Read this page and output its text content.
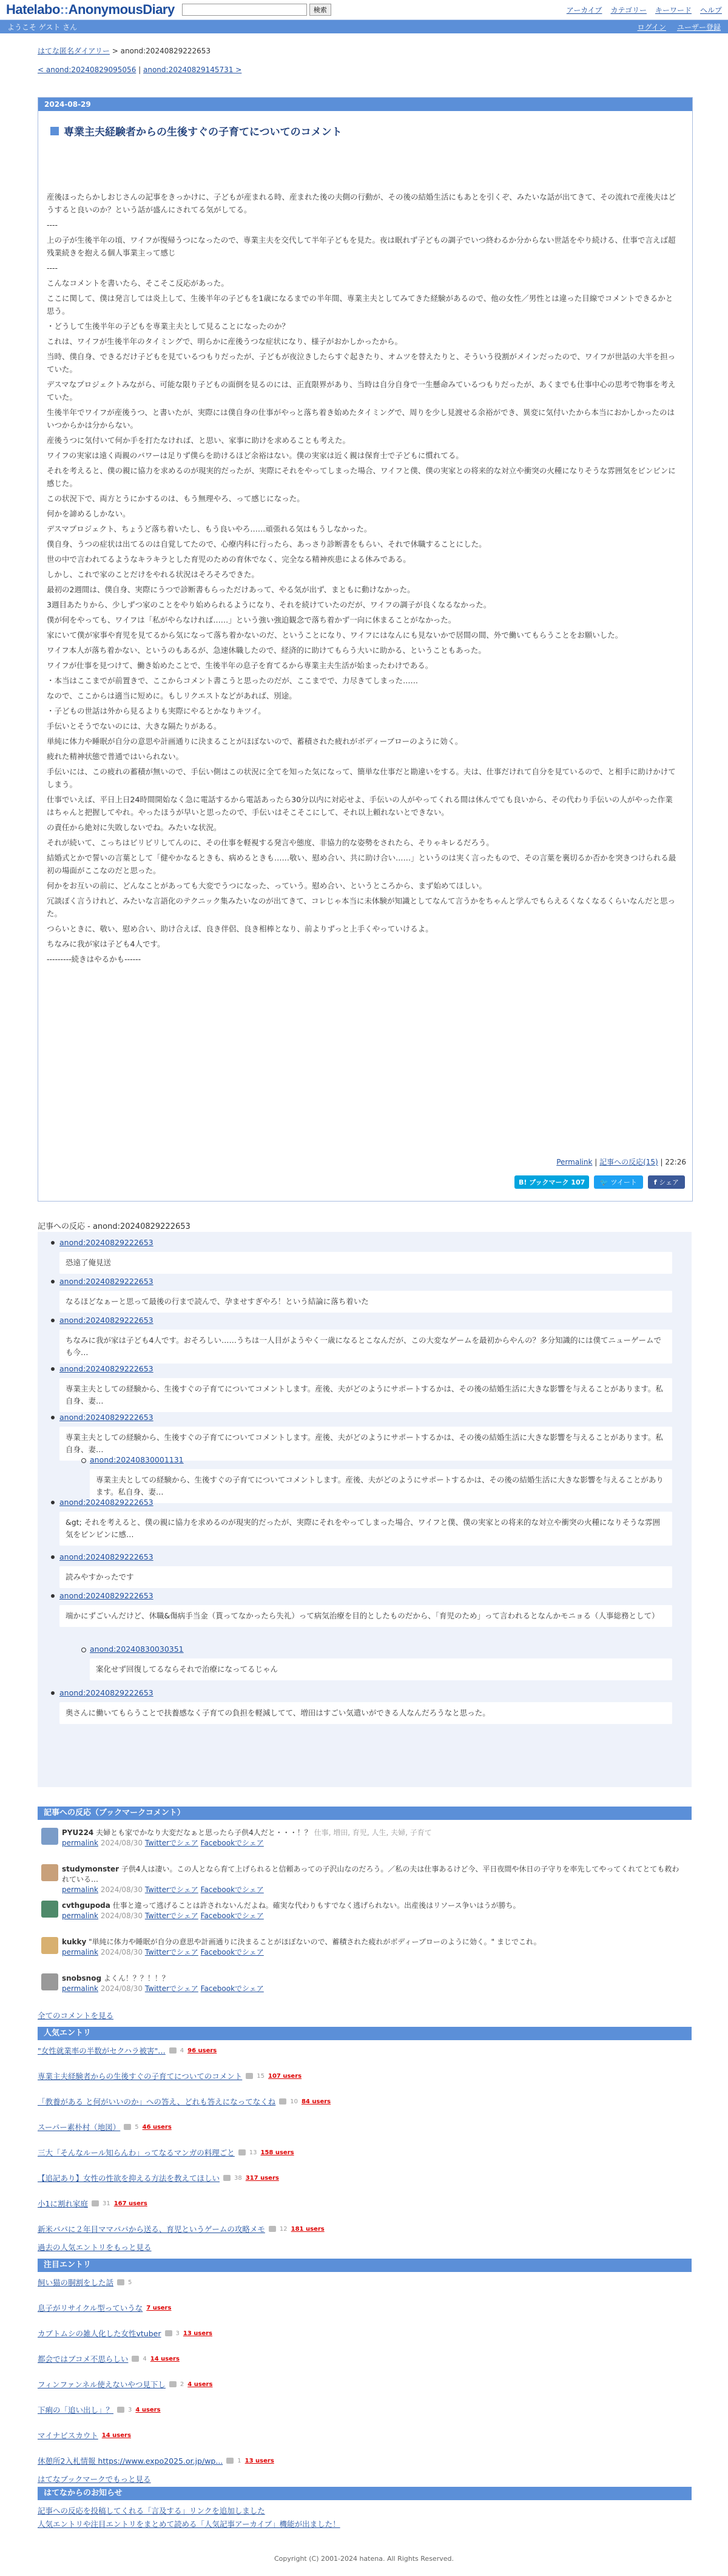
Hatelabo::AnonymousDiary	検索	アーカイブ カテゴリー キーワード ヘルプ
ようこそ ゲスト さん	ログイン ユーザー登録
はてな匿名ダイアリー > anond:20240829222653
< anond:20240829095056 | anond:20240829145731 >
2024-08-29
専業主夫経験者からの生後すぐの子育てについてのコメント

産後ほったらかしおじさんの記事をきっかけに、子どもが産まれる時、産まれた後の夫側の行動が、その後の結婚生活にもあとを引くぞ、みたいな話が出てきて、その流れで産後夫はどうすると良いのか？という話が盛んにされてる気がしてる。

----

上の子が生後半年の頃、ワイフが復帰うつになったので、専業主夫を交代して半年子どもを見た。夜は眠れず子どもの調子でいつ終わるか分からない世話をやり続ける、仕事で言えば超残業続きを抱える個人事業主って感じ

----

こんなコメントを書いたら、そこそこ反応があった。

ここに関して、僕は発言しては炎上して、生後半年の子どもを1歳になるまでの半年間、専業主夫としてみてきた経験があるので、他の女性／男性とは違った目線でコメントできるかと思う。

・どうして生後半年の子どもを専業主夫として見ることになったのか？

これは、ワイフが生後半年のタイミングで、明らかに産後うつな症状になり、様子がおかしかったから。

当時、僕自身、できるだけ子どもを見ているつもりだったが、子どもが夜泣きしたらすぐ起きたり、オムツを替えたりと、そういう役割がメインだったので、ワイフが世話の大半を担っていた。

デスマなプロジェクトみながら、可能な限り子どもの面倒を見るのには、正直限界があり、当時は自分自身で一生懸命みているつもりだったが、あくまでも仕事中心の思考で物事を考えていた。

生後半年でワイフが産後うつ、と書いたが、実際には僕自身の仕事がやっと落ち着き始めたタイミングで、周りを少し見渡せる余裕ができ、異変に気付いたから本当におかしかったのはいつからかは分からない。

産後うつに気付いて何か手を打たなければ、と思い、家事に助けを求めることも考えた。

ワイフの実家は遠く両親のパワーは足りず僕らを助けるほど余裕はない。僕の実家は近く親は保育士で子どもに慣れてる。

それを考えると、僕の親に協力を求めるのが現実的だったが、実際にそれをやってしまった場合、ワイフと僕、僕の実家との将来的な対立や衝突の火種になりそうな雰囲気をビンビンに感じた。

この状況下で、両方とうにかするのは、もう無理やろ、って感じになった。

何かを諦めるしかない。

デスマプロジェクト、ちょうど落ち着いたし、もう良いやろ……頑張れる気はもうしなかった。

僕自身、うつの症状は出てるのは自覚してたので、心療内科に行ったら、あっさり診断書をもらい、それで休職することにした。

世の中で言われてるようなキラキラとした育児のための育休でなく、完全なる精神疾患による休みである。

しかし、これで家のことだけをやれる状況はそろそろできた。

最初の2週間は、僕自身、実際にうつで診断書もらっただけあって、やる気が出ず、まともに動けなかった。

3週目あたりから、少しずつ家のことをやり始められるようになり、それを続けていたのだが、ワイフの調子が良くなるなかった。

僕が何をやっても、ワイフは「私がやらなければ……」という強い強迫観念で落ち着かず一向に休まることがなかった。

家にいて僕が家事や育児を見てるから気になって落ち着かないのだ、ということになり、ワイフにはなんにも見ないかで居間の間、外で働いてもらうことをお願いした。

ワイフ本人が落ち着かない、というのもあるが、急速休職したので、経済的に助けてもらう大いに助かる、ということもあった。

ワイフが仕事を見つけて、働き始めたことで、生後半年の息子を育てるから専業主夫生活が始まったわけである。

・本当はここまでが前置きで、ここからコメント書こうと思ったのだが、ここまでで、力尽きてしまった……

なので、ここからは適当に短めに。もしリクエストなどがあれば、別途。

・子どもの世話は外から見るよりも実際にやるとかなりキツイ。

手伝いとそうでないのには、大きな隔たりがある。

単純に体力や睡眠が自分の意思や計画通りに決まることがほぼないので、蓄積された疲れがボディーブローのように効く。

疲れた精神状態で普通ではいられない。

手伝いには、この疲れの蓄積が無いので、手伝い側はこの状況に全てを知った気になって、簡単な仕事だと勘違いをする。夫は、仕事だけれて自分を見ているので、と相手に助けかけてしまう。

仕事でいえば、平日上日24時間開始なく急に電話するから電話あったら30分以内に対応せよ、手伝いの人がやってくれる間は休んでても良いから、その代わり手伝いの人がやった作業はちゃんと把握してやれ。やったほうが早いと思ったので、手伝いはそこそこにして、それ以上頼れないとできない。

の責任から絶対に失敗しないでね。みたいな状況。

それが続いて、こっちはビリビリしてんのに、その仕事を軽視する発言や態度、非協力的な姿勢をされたら、そりゃキレるだろう。

結婚式とかで誓いの言葉として「健やかなるときも、病めるときも……敬い、慰め合い、共に助け合い……」というのは実く言ったもので、その言葉を裏切るか否かを突きつけられる最初の場面がここなのだと思った。

何かをお互いの前に、どんなことがあっても大変でうつになった、っていう。慰め合い、というところから、まず始めてほしい。

冗談ぽく言うけれど、みたいな言語化のテクニック集みたいなのが出てきて、コレじゃ本当に未体験が知識としてなんて言うかをちゃんと学んでもらえるくなくなるくらいなんだと思った。

つらいときに、敬い、慰め合い、助け合えば、良き伴侶、良き相棒となり、前よりずっと上手くやっていけるよ。

ちなみに我が家は子ども4人です。

---------続きはやるかも------

Permalink | 記事への反応(15) | 22:26
B! ブックマーク 107	🐦 ツイート	f シェア
記事への反応 - anond:20240829222653
anond:20240829222653
恐遠了俺見送
anond:20240829222653
なるほどなぁーと思って最後の行まで読んで、孕ませすぎやろ！という結論に落ち着いた
anond:20240829222653
ちなみに我が家は子ども4人です。おそろしい……うちは一人目がようやく一歳になるとこなんだが、この大変なゲームを最初からやんの？多分知識的には僕てニューゲームでも今…
anond:20240829222653
専業主夫としての経験から、生後すぐの子育てについてコメントします。産後、夫がどのようにサポートするかは、その後の結婚生活に大きな影響を与えることがあります。私自身、妻…
anond:20240829222653
専業主夫としての経験から、生後すぐの子育てについてコメントします。産後、夫がどのようにサポートするかは、その後の結婚生活に大きな影響を与えることがあります。私自身、妻…
anond:20240830001131
専業主夫としての経験から、生後すぐの子育てについてコメントします。産後、夫がどのようにサポートするかは、その後の結婚生活に大きな影響を与えることがあります。私自身、妻…
anond:20240829222653
&gt; それを考えると、僕の親に協力を求めるのが現実的だったが、実際にそれをやってしまった場合、ワイフと僕、僕の実家との将来的な対立や衝突の火種になりそうな雰囲気をビンビンに感…
anond:20240829222653
読みやすかったです
anond:20240829222653
端かにずごいんだけど、休職&傷病手当金（貰ってなかったら失礼）って病気治療を目的としたものだから、「育児のため」って言われるとなんかモニョる（人事総務として）
anond:20240830030351
案化せず回復してるならそれで治療になってるじゃん
anond:20240829222653
奥さんに働いてもらうことで扶養感なく子育ての負担を軽減してて、増田はすごい気遣いができる人なんだろうなと思った。
記事への反応（ブックマークコメント）
PYU224 夫婦とも家でかなり大変だなぁと思ったら子供4人だと・・・！？ 仕事, 増田, 育児, 人生, 夫婦, 子育て
permalink 2024/08/30 Twitterでシェア Facebookでシェア
studymonster 子供4人は凄い。この人となら育て上げられると信頼あっての子沢山なのだろう。／私の夫は仕事あるけど今、平日夜間や休日の子守りを率先してやってくれてとても救われている…
permalink 2024/08/30 Twitterでシェア Facebookでシェア
cvthgupoda 仕事と違って逃げることは許されないんだよね。確実な代わりもすでなく逃げられない。出産後はリソース争いはうが勝ち。
permalink 2024/08/30 Twitterでシェア Facebookでシェア
kukky "単純に体力や睡眠が自分の意思や計画通りに決まることがほぼないので、蓄積された疲れがボディーブローのように効く。" まじでこれ。
permalink 2024/08/30 Twitterでシェア Facebookでシェア
snobsnog よくん！？？！！？
permalink 2024/08/30 Twitterでシェア Facebookでシェア
全てのコメントを見る
人気エントリ
"女性就業率の半数がセクハラ被害"… 4 96 users
専業主夫経験者からの生後すぐの子育てについてのコメント 15 107 users
「教養がある と何がいいのか」への答え、どれも答えになってなくね 10 84 users
スーパー素朴村（地図） 5 46 users
三大「そんなルール知らんわ」ってなるマンガの料理ごと 13 158 users
【追記あり】女性の性欲を抑える方法を教えてほしい 38 317 users
小1に割れ家庭 31 167 users
新米パパに２年目ママパパから送る、育児というゲームの攻略メモ 12 181 users
過去の人気エントリをもっと見る
注目エントリ
飼い猫の胴割をした話 5
息子がリサイクル型っていうな 7 users
カブトムシの雑人化した女性vtuber 3 13 users
都会ではブコメ不思らしい 4 14 users
フィンファンネル使えないやつ見下し 2 4 users
下痢の「追い出し」？ 3 4 users
マイナビスカウト 14 users
休憩所2入札情報 https://www.expo2025.or.jp/wp... 1 13 users
はてなブックマークでもっと見る
はてなからのお知らせ
記事への反応を投稿してくれる「言及する」リンクを追加しました
人気エントリや注目エントリをまとめて読める「人気記事アーカイブ」機能が出ました！
Copyright (C) 2001-2024 hatena. All Rights Reserved.
